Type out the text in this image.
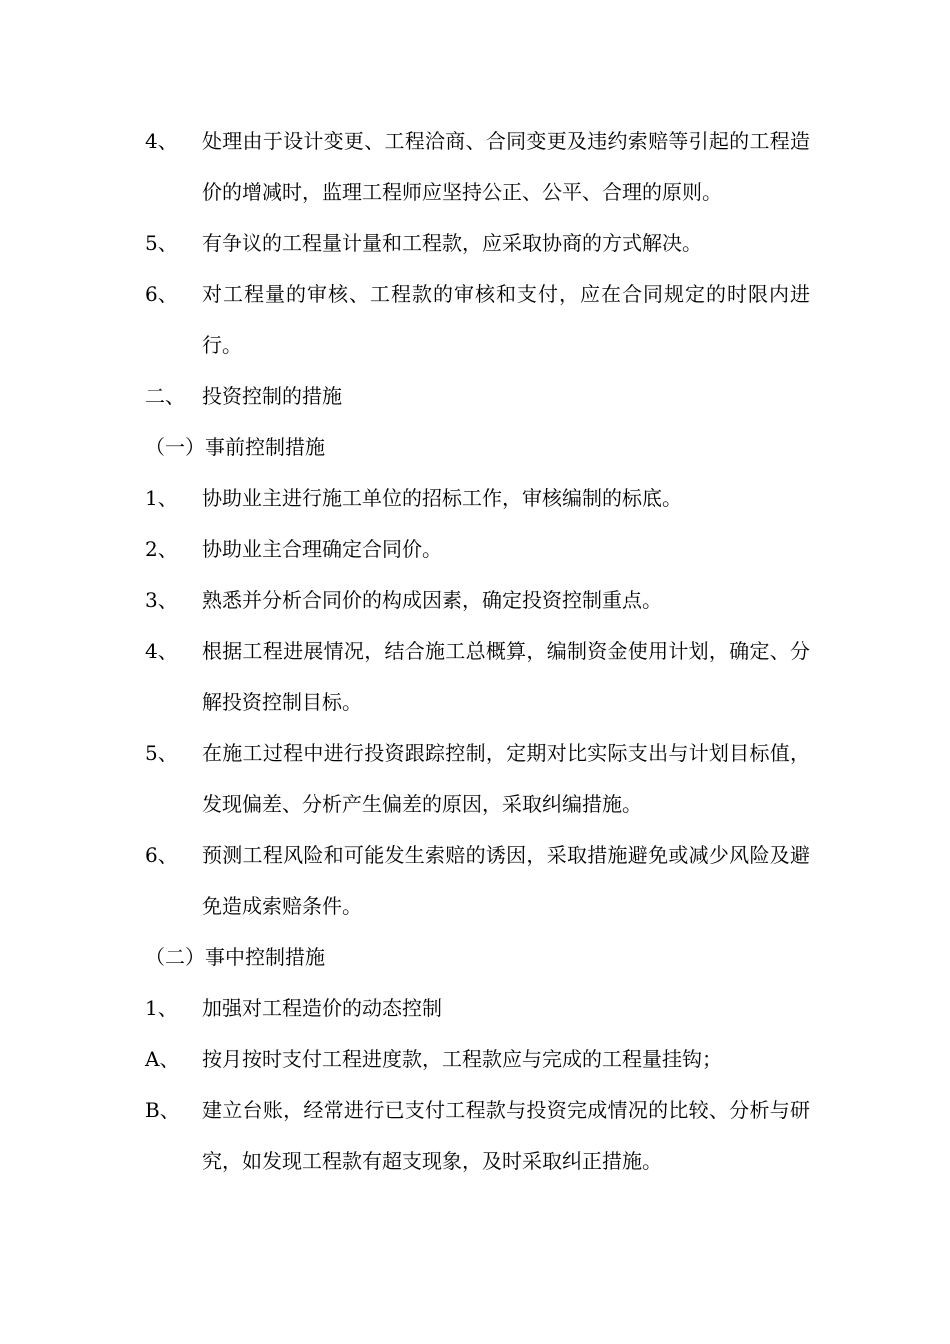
4、	处理由于设计变更、工程洽商、合同变更及违约索赔等引起的工程造价的增减时，监理工程师应坚持公正、公平、合理的原则。
5、	有争议的工程量计量和工程款，应采取协商的方式解决。
6、	对工程量的审核、工程款的审核和支付，应在合同规定的时限内进行。
二、 投资控制的措施
（一）事前控制措施
1、	协助业主进行施工单位的招标工作，审核编制的标底。
2、	协助业主合理确定合同价。
3、	熟悉并分析合同价的构成因素，确定投资控制重点。
4、	根据工程进展情况，结合施工总概算，编制资金使用计划，确定、分解投资控制目标。
5、	在施工过程中进行投资跟踪控制，定期对比实际支出与计划目标值，发现偏差、分析产生偏差的原因，采取纠编措施。
6、	预测工程风险和可能发生索赔的诱因，采取措施避免或减少风险及避免造成索赔条件。
（二）事中控制措施
1、	加强对工程造价的动态控制
A、	按月按时支付工程进度款，工程款应与完成的工程量挂钩；
B、	建立台账，经常进行已支付工程款与投资完成情况的比较、分析与研究，如发现工程款有超支现象，及时采取纠正措施。
